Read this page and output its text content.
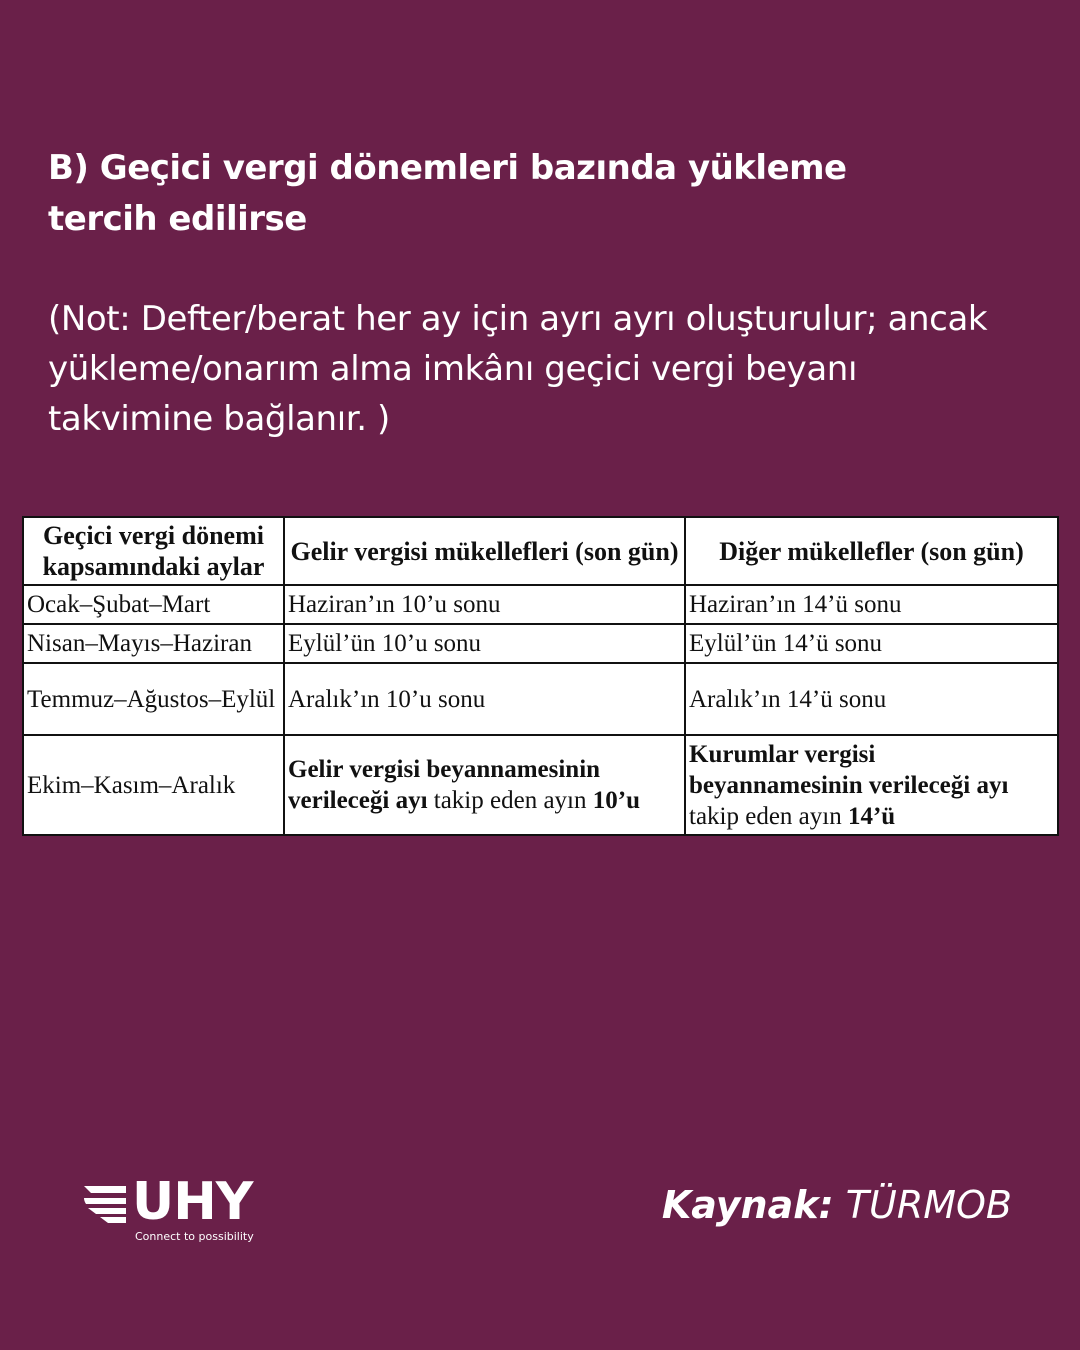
B) Geçici vergi dönemleri bazında yükleme
tercih edilirse
(Not: Defter/berat her ay için ayrı ayrı oluşturulur; ancak
yükleme/onarım alma imkânı geçici vergi beyanı
takvimine bağlanır. )
Geçici vergi dönemi kapsamındaki aylar	Gelir vergisi mükellefleri (son gün)	Diğer mükellefler (son gün)
Ocak–Şubat–Mart	Haziran’ın 10’u sonu	Haziran’ın 14’ü sonu
Nisan–Mayıs–Haziran	Eylül’ün 10’u sonu	Eylül’ün 14’ü sonu
Temmuz–Ağustos–Eylül	Aralık’ın 10’u sonu	Aralık’ın 14’ü sonu
Ekim–Kasım–Aralık	Gelir vergisi beyannamesinin verileceği ayı takip eden ayın 10’u	Kurumlar vergisi beyannamesinin verileceği ayı takip eden ayın 14’ü
UHY
Connect to possibility
Kaynak: TÜRMOB
